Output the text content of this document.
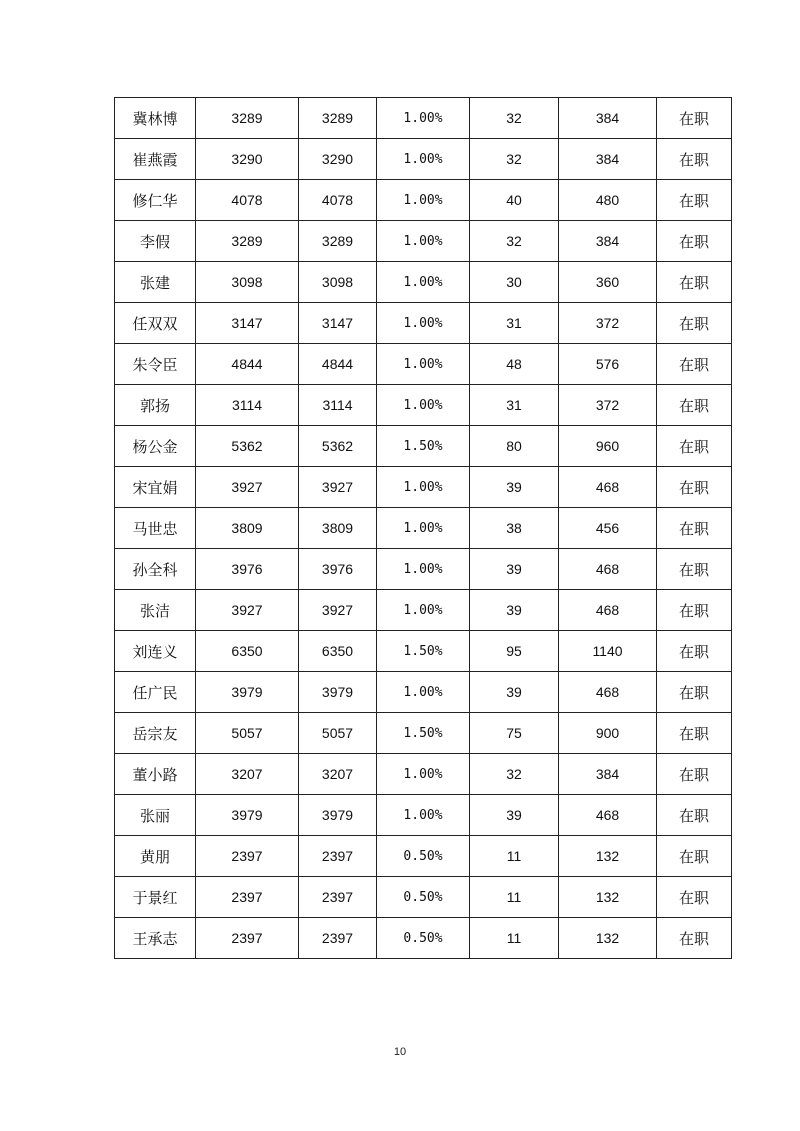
冀林博	3289	3289	1.00%	32	384	在职
崔燕霞	3290	3290	1.00%	32	384	在职
修仁华	4078	4078	1.00%	40	480	在职
李假	3289	3289	1.00%	32	384	在职
张建	3098	3098	1.00%	30	360	在职
任双双	3147	3147	1.00%	31	372	在职
朱令臣	4844	4844	1.00%	48	576	在职
郭扬	3114	3114	1.00%	31	372	在职
杨公金	5362	5362	1.50%	80	960	在职
宋宜娟	3927	3927	1.00%	39	468	在职
马世忠	3809	3809	1.00%	38	456	在职
孙全科	3976	3976	1.00%	39	468	在职
张洁	3927	3927	1.00%	39	468	在职
刘连义	6350	6350	1.50%	95	1140	在职
任广民	3979	3979	1.00%	39	468	在职
岳宗友	5057	5057	1.50%	75	900	在职
董小路	3207	3207	1.00%	32	384	在职
张丽	3979	3979	1.00%	39	468	在职
黄朋	2397	2397	0.50%	11	132	在职
于景红	2397	2397	0.50%	11	132	在职
王承志	2397	2397	0.50%	11	132	在职
10
